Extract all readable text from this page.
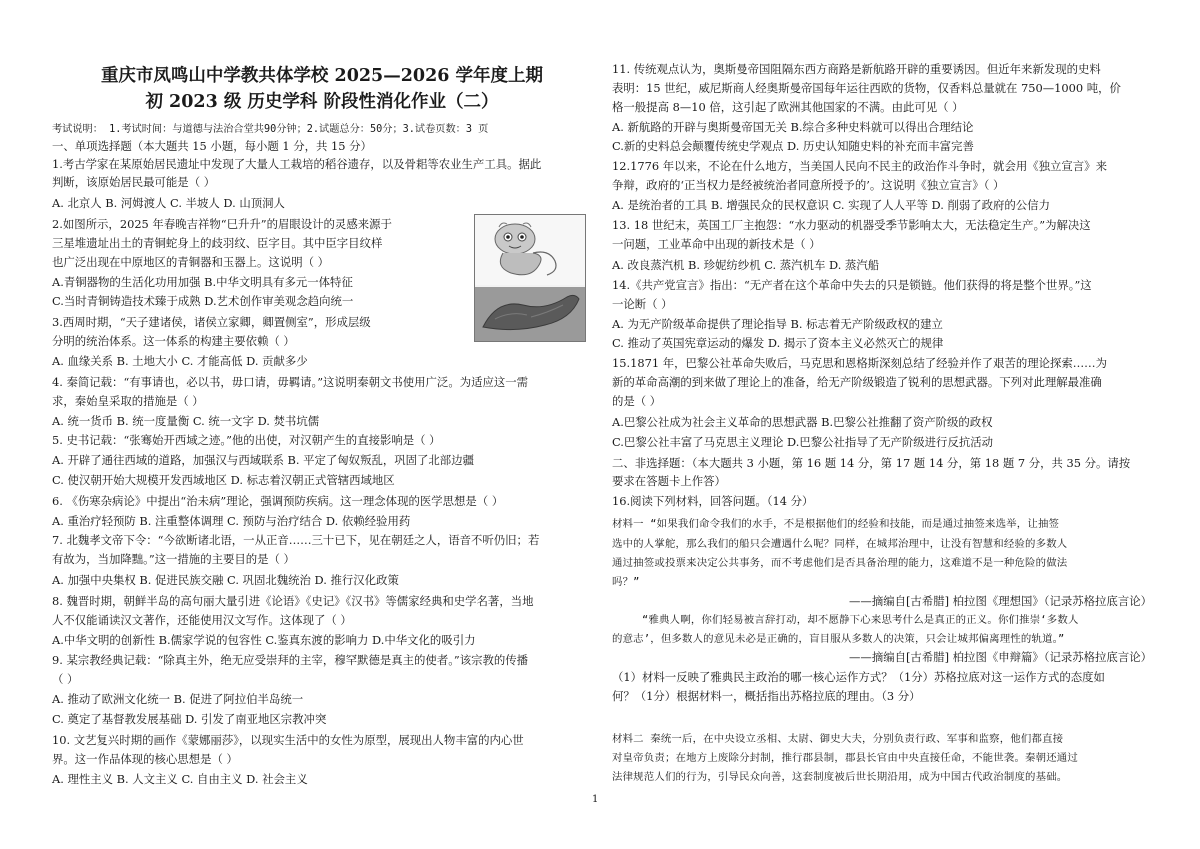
重庆市凤鸣山中学教共体学校 2025—2026 学年度上期
初 2023 级 历史学科 阶段性消化作业（二）
考试说明： 1.考试时间：与道德与法治合堂共90分钟；2.试题总分：50分；3.试卷页数：3 页
一、单项选择题（本大题共 15 小题，每小题 1 分，共 15 分）
1.考古学家在某原始居民遗址中发现了大量人工栽培的稻谷遗存，以及骨耜等农业生产工具。据此
判断，该原始居民最可能是（ ）
A. 北京人 B. 河姆渡人 C. 半坡人 D. 山顶洞人
2.如图所示，2025 年春晚吉祥物“巳升升”的眉眼设计的灵感来源于
三星堆遗址出土的青铜蛇身上的歧羽纹、臣字目。其中臣字目纹样
也广泛出现在中原地区的青铜器和玉器上。这说明（ ）
A.青铜器物的生活化功用加强 B.中华文明具有多元一体特征
C.当时青铜铸造技术臻于成熟 D.艺术创作审美观念趋向统一
3.西周时期，“天子建诸侯，诸侯立家卿，卿置侧室”，形成层级
分明的统治体系。这一体系的构建主要依赖（ ）
A. 血缘关系 B. 土地大小 C. 才能高低 D. 贡献多少
4. 秦简记载：“有事请也，必以书，毋口请，毋羁请。”这说明秦朝文书使用广泛。为适应这一需
求，秦始皇采取的措施是（ ）
A. 统一货币 B. 统一度量衡 C. 统一文字 D. 焚书坑儒
5. 史书记载：“张骞始开西域之迹。”他的出使，对汉朝产生的直接影响是（ ）
A. 开辟了通往西域的道路，加强汉与西域联系 B. 平定了匈奴叛乱，巩固了北部边疆
C. 使汉朝开始大规模开发西域地区 D. 标志着汉朝正式管辖西域地区
6. 《伤寒杂病论》中提出“治未病”理论，强调预防疾病。这一理念体现的医学思想是（ ）
A. 重治疗轻预防 B. 注重整体调理 C. 预防与治疗结合 D. 依赖经验用药
7. 北魏孝文帝下令：“今欲断诸北语，一从正音……三十已下，见在朝廷之人，语音不听仍旧；若
有故为，当加降黜。”这一措施的主要目的是（ ）
A. 加强中央集权 B. 促进民族交融 C. 巩固北魏统治 D. 推行汉化政策
8. 魏晋时期，朝鲜半岛的高句丽大量引进《论语》《史记》《汉书》等儒家经典和史学名著，当地
人不仅能诵读汉文著作，还能使用汉文写作。这体现了（ ）
A.中华文明的创新性 B.儒家学说的包容性 C.鉴真东渡的影响力 D.中华文化的吸引力
9. 某宗教经典记载：“除真主外，绝无应受崇拜的主宰，穆罕默德是真主的使者。”该宗教的传播
（ ）
A. 推动了欧洲文化统一 B. 促进了阿拉伯半岛统一
C. 奠定了基督教发展基础 D. 引发了南亚地区宗教冲突
10. 文艺复兴时期的画作《蒙娜丽莎》，以现实生活中的女性为原型，展现出人物丰富的内心世
界。这一作品体现的核心思想是（ ）
A. 理性主义 B. 人文主义 C. 自由主义 D. 社会主义
11. 传统观点认为，奥斯曼帝国阻隔东西方商路是新航路开辟的重要诱因。但近年来新发现的史料
表明：15 世纪，威尼斯商人经奥斯曼帝国每年运往西欧的货物，仅香料总量就在 750—1000 吨，价
格一般提高 8—10 倍，这引起了欧洲其他国家的不满。由此可见（ ）
A. 新航路的开辟与奥斯曼帝国无关 B.综合多种史料就可以得出合理结论
C.新的史料总会颠覆传统史学观点 D. 历史认知随史料的补充而丰富完善
12.1776 年以来，不论在什么地方，当美国人民向不民主的政治作斗争时，就会用《独立宣言》来
争辩，政府的‘正当权力是经被统治者同意所授予的’。这说明《独立宣言》（ ）
A. 是统治者的工具 B. 增强民众的民权意识 C. 实现了人人平等 D. 削弱了政府的公信力
13. 18 世纪末，英国工厂主抱怨：“水力驱动的机器受季节影响太大，无法稳定生产。”为解决这
一问题，工业革命中出现的新技术是（ ）
A. 改良蒸汽机 B. 珍妮纺纱机 C. 蒸汽机车 D. 蒸汽船
14.《共产党宣言》指出：“无产者在这个革命中失去的只是锁链。他们获得的将是整个世界。”这
一论断（ ）
A. 为无产阶级革命提供了理论指导 B. 标志着无产阶级政权的建立
C. 推动了英国宪章运动的爆发 D. 揭示了资本主义必然灭亡的规律
15.1871 年，巴黎公社革命失败后，马克思和恩格斯深刻总结了经验并作了艰苦的理论探索……为
新的革命高潮的到来做了理论上的准备，给无产阶级锻造了锐利的思想武器。下列对此理解最准确
的是（ ）
A.巴黎公社成为社会主义革命的思想武器 B.巴黎公社推翻了资产阶级的政权
C.巴黎公社丰富了马克思主义理论 D.巴黎公社指导了无产阶级进行反抗活动
二、非选择题：（本大题共 3 小题，第 16 题 14 分，第 17 题 14 分，第 18 题 7 分，共 35 分。请按
要求在答题卡上作答）
16.阅读下列材料，回答问题。（14 分）
材料一 “如果我们命令我们的水手，不是根据他们的经验和技能，而是通过抽签来选举，让抽签
选中的人掌舵，那么我们的船只会遭遇什么呢？同样，在城邦治理中，让没有智慧和经验的多数人
通过抽签或投票来决定公共事务，而不考虑他们是否具备治理的能力，这难道不是一种危险的做法
吗？”
——摘编自[古希腊] 柏拉图《理想国》（记录苏格拉底言论）
“雅典人啊，你们轻易被言辞打动，却不愿静下心来思考什么是真正的正义。你们推崇‘多数人
的意志’，但多数人的意见未必是正确的，盲目服从多数人的决策，只会让城邦偏离理性的轨道。”
——摘编自[古希腊] 柏拉图《申辩篇》（记录苏格拉底言论）
（1）材料一反映了雅典民主政治的哪一核心运作方式？（1分）苏格拉底对这一运作方式的态度如
何？（1分）根据材料一，概括指出苏格拉底的理由。（3 分）
材料二 秦统一后，在中央设立丞相、太尉、御史大夫，分别负责行政、军事和监察，他们都直接
对皇帝负责；在地方上废除分封制，推行郡县制，郡县长官由中央直接任命，不能世袭。秦朝还通过
法律规范人们的行为，引导民众向善，这套制度被后世长期沿用，成为中国古代政治制度的基础。
1
